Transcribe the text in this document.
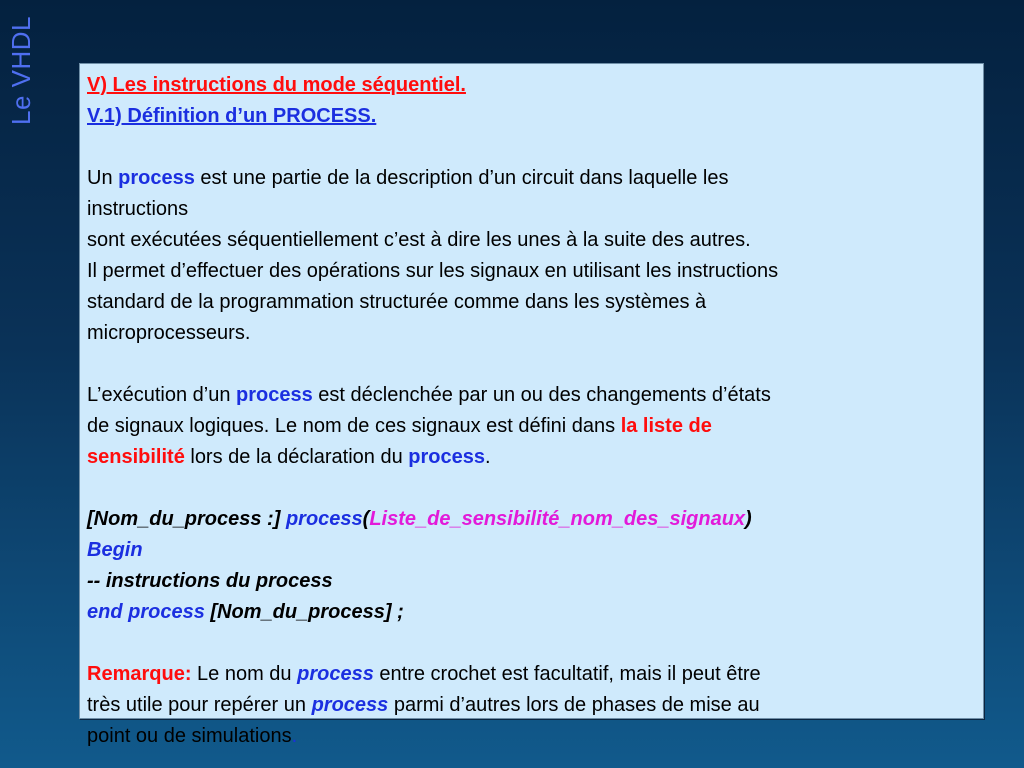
Le VHDL	V) Les instructions du mode séquentiel.
V.1) Définition d’un PROCESS.
Un process est une partie de la description d’un circuit dans laquelle les
instructions
sont exécutées séquentiellement c’est à dire les unes à la suite des autres.
Il permet d’effectuer des opérations sur les signaux en utilisant les instructions
standard de la programmation structurée comme dans les systèmes à
microprocesseurs.
L’exécution d’un process est déclenchée par un ou des changements d’états
de signaux logiques. Le nom de ces signaux est défini dans la liste de
sensibilité lors de la déclaration du process.
[Nom_du_process :] process(Liste_de_sensibilité_nom_des_signaux)
Begin
-- instructions du process
end process [Nom_du_process] ;
Remarque: Le nom du process entre crochet est facultatif, mais il peut être
très utile pour repérer un process parmi d’autres lors de phases de mise au
point ou de simulations.
